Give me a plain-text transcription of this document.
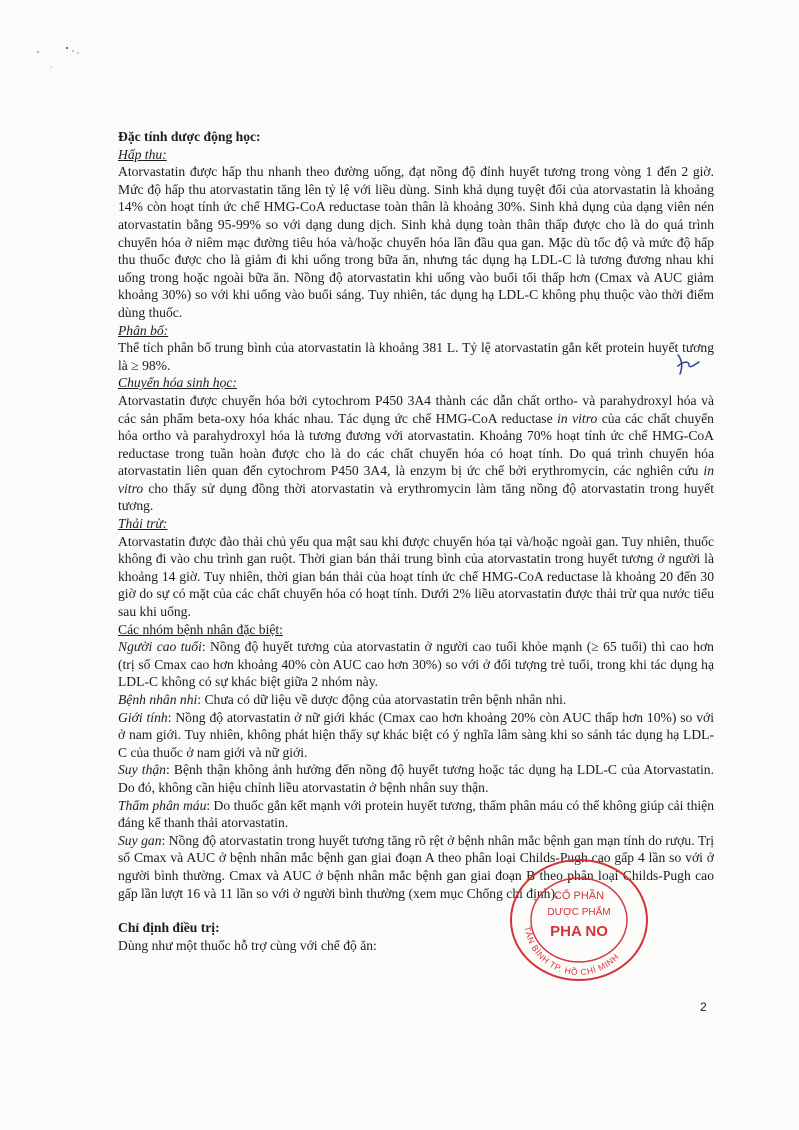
Đặc tính dược động học:

Hấp thu:

Atorvastatin được hấp thu nhanh theo đường uống, đạt nồng độ đỉnh huyết tương trong vòng 1 đến 2 giờ. Mức độ hấp thu atorvastatin tăng lên tỷ lệ với liều dùng. Sinh khả dụng tuyệt đối của atorvastatin là khoảng 14% còn hoạt tính ức chế HMG-CoA reductase toàn thân là khoảng 30%. Sinh khả dụng của dạng viên nén atorvastatin bằng 95-99% so với dạng dung dịch. Sinh khả dụng toàn thân thấp được cho là do quá trình chuyển hóa ở niêm mạc đường tiêu hóa và/hoặc chuyển hóa lần đầu qua gan. Mặc dù tốc độ và mức độ hấp thu thuốc được cho là giảm đi khi uống trong bữa ăn, nhưng tác dụng hạ LDL-C là tương đương nhau khi uống trong hoặc ngoài bữa ăn. Nồng độ atorvastatin khi uống vào buổi tối thấp hơn (Cmax và AUC giảm khoảng 30%) so với khi uống vào buổi sáng. Tuy nhiên, tác dụng hạ LDL-C không phụ thuộc vào thời điểm dùng thuốc.

Phân bố:

Thể tích phân bố trung bình của atorvastatin là khoảng 381 L. Tỷ lệ atorvastatin gắn kết protein huyết tương là ≥ 98%.

Chuyển hóa sinh học:

Atorvastatin được chuyển hóa bởi cytochrom P450 3A4 thành các dẫn chất ortho- và parahydroxyl hóa và các sản phẩm beta-oxy hóa khác nhau. Tác dụng ức chế HMG-CoA reductase in vitro của các chất chuyển hóa ortho và parahydroxyl hóa là tương đương với atorvastatin. Khoảng 70% hoạt tính ức chế HMG-CoA reductase trong tuần hoàn được cho là do các chất chuyển hóa có hoạt tính. Do quá trình chuyển hóa atorvastatin liên quan đến cytochrom P450 3A4, là enzym bị ức chế bởi erythromycin, các nghiên cứu in vitro cho thấy sử dụng đồng thời atorvastatin và erythromycin làm tăng nồng độ atorvastatin trong huyết tương.

Thải trừ:

Atorvastatin được đào thải chủ yếu qua mật sau khi được chuyển hóa tại và/hoặc ngoài gan. Tuy nhiên, thuốc không đi vào chu trình gan ruột. Thời gian bán thải trung bình của atorvastatin trong huyết tương ở người là khoảng 14 giờ. Tuy nhiên, thời gian bán thải của hoạt tính ức chế HMG-CoA reductase là khoảng 20 đến 30 giờ do sự có mặt của các chất chuyển hóa có hoạt tính. Dưới 2% liều atorvastatin được thải trừ qua nước tiểu sau khi uống.

Các nhóm bệnh nhân đặc biệt:

Người cao tuổi: Nồng độ huyết tương của atorvastatin ở người cao tuổi khỏe mạnh (≥ 65 tuổi) thì cao hơn (trị số Cmax cao hơn khoảng 40% còn AUC cao hơn 30%) so với ở đối tượng trẻ tuổi, trong khi tác dụng hạ LDL-C không có sự khác biệt giữa 2 nhóm này.

Bệnh nhân nhi: Chưa có dữ liệu về dược động của atorvastatin trên bệnh nhân nhi.

Giới tính: Nồng độ atorvastatin ở nữ giới khác (Cmax cao hơn khoảng 20% còn AUC thấp hơn 10%) so với ở nam giới. Tuy nhiên, không phát hiện thấy sự khác biệt có ý nghĩa lâm sàng khi so sánh tác dụng hạ LDL-C của thuốc ở nam giới và nữ giới.

Suy thận: Bệnh thận không ảnh hưởng đến nồng độ huyết tương hoặc tác dụng hạ LDL-C của Atorvastatin. Do đó, không cần hiệu chỉnh liều atorvastatin ở bệnh nhân suy thận.

Thẩm phân máu: Do thuốc gắn kết mạnh với protein huyết tương, thẩm phân máu có thể không giúp cải thiện đáng kể thanh thải atorvastatin.

Suy gan: Nồng độ atorvastatin trong huyết tương tăng rõ rệt ở bệnh nhân mắc bệnh gan mạn tính do rượu. Trị số Cmax và AUC ở bệnh nhân mắc bệnh gan giai đoạn A theo phân loại Childs-Pugh cao gấp 4 lần so với ở người bình thường. Cmax và AUC ở bệnh nhân mắc bệnh gan giai đoạn B theo phân loại Childs-Pugh cao gấp lần lượt 16 và 11 lần so với ở người bình thường (xem mục Chống chỉ định).

Chỉ định điều trị:

Dùng như một thuốc hỗ trợ cùng với chế độ ăn:

TÂN BÌNH TP. HỒ CHÍ MINH
CỔ PHẦN
DƯỢC PHẨM
PHA NO
2
